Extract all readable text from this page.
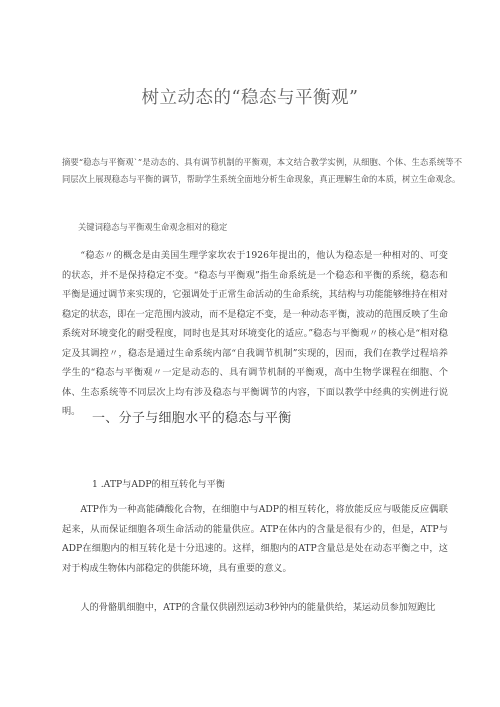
树立动态的“稳态与平衡观”
摘要“稳态与平衡观`”是动态的、具有调节机制的平衡观，本文结合教学实例，从细胞、个体、生态系统等不同层次上展现稳态与平衡的调节，帮助学生系统全面地分析生命现象，真正理解生命的本质，树立生命观念。
关键词稳态与平衡观生命观念相对的稳定
“稳态〃的概念是由美国生理学家坎农于1926年提出的，他认为稳态是一种相对的、可变的状态，并不是保持稳定不变。“稳态与平衡观”指生命系统是一个稳态和平衡的系统，稳态和平衡是通过调节来实现的，它强调处于正常生命活动的生命系统，其结构与功能能够维持在相对稳定的状态，即在一定范围内波动，而不是稳定不变，是一种动态平衡，波动的范围反映了生命系统对环境变化的耐受程度，同时也是其对环境变化的适应。”稳态与平衡观〃的核心是“相对稳定及其调控〃，稳态是通过生命系统内部“自我调节机制”实现的，因而，我们在教学过程培养学生的“稳态与平衡观〃一定是动态的、具有调节机制的平衡观，高中生物学课程在细胞、个体、生态系统等不同层次上均有涉及稳态与平衡调节的内容，下面以教学中经典的实例进行说明。 一、分子与细胞水平的稳态与平衡
1 .ATP与ADP的相互转化与平衡
ATP作为一种高能磷酸化合物，在细胞中与ADP的相互转化，将放能反应与吸能反应偶联起来，从而保证细胞各项生命活动的能量供应。ATP在体内的含量是很有少的，但是，ATP与ADP在细胞内的相互转化是十分迅速的。这样，细胞内的ATP含量总是处在动态平衡之中，这对于构成生物体内部稳定的供能环境，具有重要的意义。
人的骨骼肌细胞中，ATP的含量仅供剧烈运动3秒钟内的能量供给，某运动员参加短跑比
